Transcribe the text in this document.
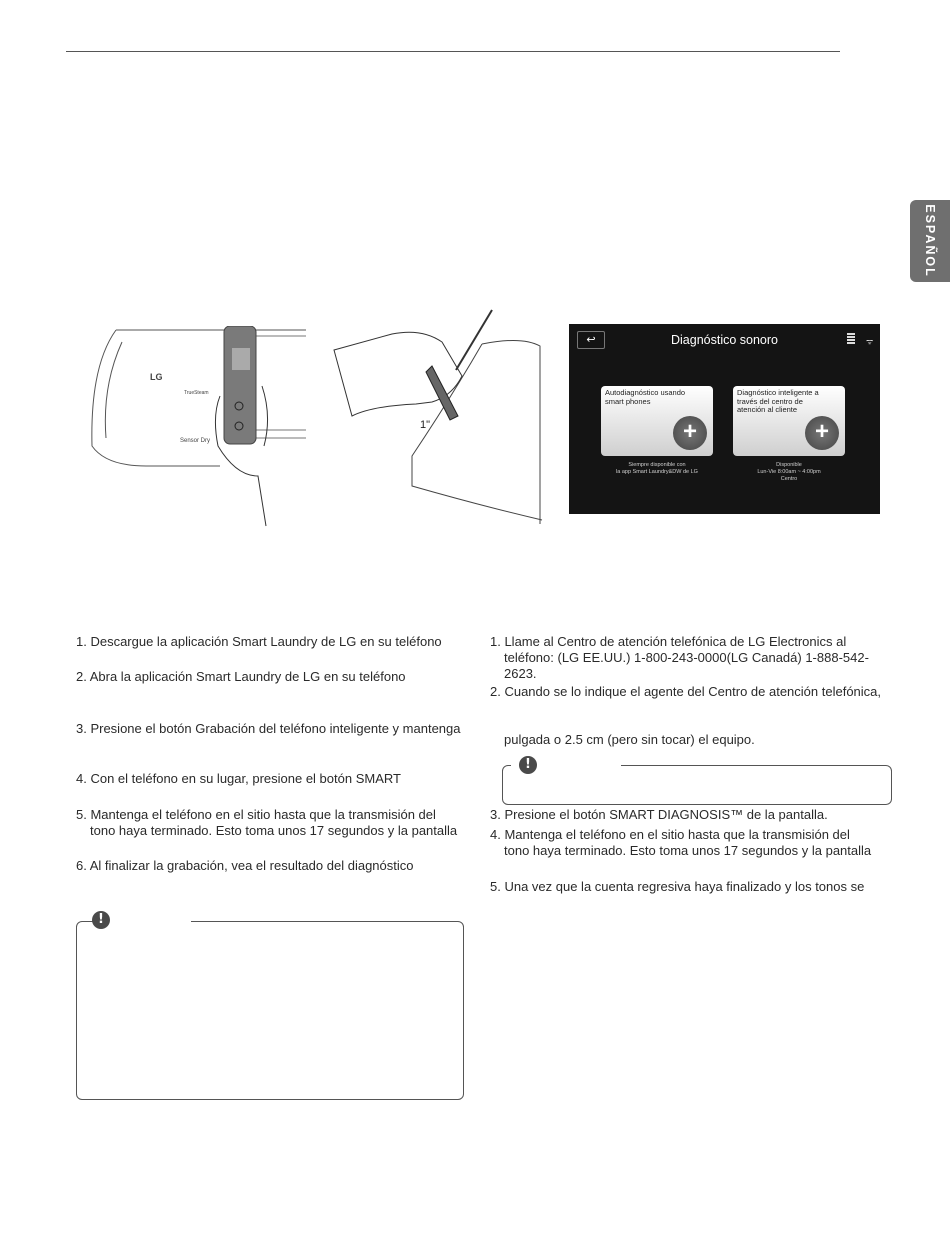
ESPAÑOL
LG
TrueSteam
Sensor Dry
1"
↩	Diagnóstico sonoro	ᯤ
Autodiagnóstico usando smart phones
+
Siempre disponible con
la app Smart Laundry&DW de LG
Diagnóstico inteligente a través del centro de atención al cliente
+
Disponible
Lun-Vie 8:00am ~ 4:00pm
Centro
1. Descargue la aplicación Smart Laundry de LG en su teléfono
2. Abra la aplicación Smart Laundry de LG en su teléfono
3. Presione el botón Grabación del teléfono inteligente y mantenga
4. Con el teléfono en su lugar, presione el botón SMART
5. Mantenga el teléfono en el sitio hasta que la transmisión del
tono haya terminado. Esto toma unos 17 segundos y la pantalla
6. Al finalizar la grabación, vea el resultado del diagnóstico
!
1. Llame al Centro de atención telefónica de LG Electronics al
teléfono: (LG EE.UU.) 1-800-243-0000(LG Canadá) 1-888-542-
2623.
2. Cuando se lo indique el agente del Centro de atención telefónica,
pulgada o 2.5 cm (pero sin tocar) el equipo.
!
3. Presione el botón SMART DIAGNOSIS™ de la pantalla.
4. Mantenga el teléfono en el sitio hasta que la transmisión del
tono haya terminado. Esto toma unos 17 segundos y la pantalla
5. Una vez que la cuenta regresiva haya finalizado y los tonos se
